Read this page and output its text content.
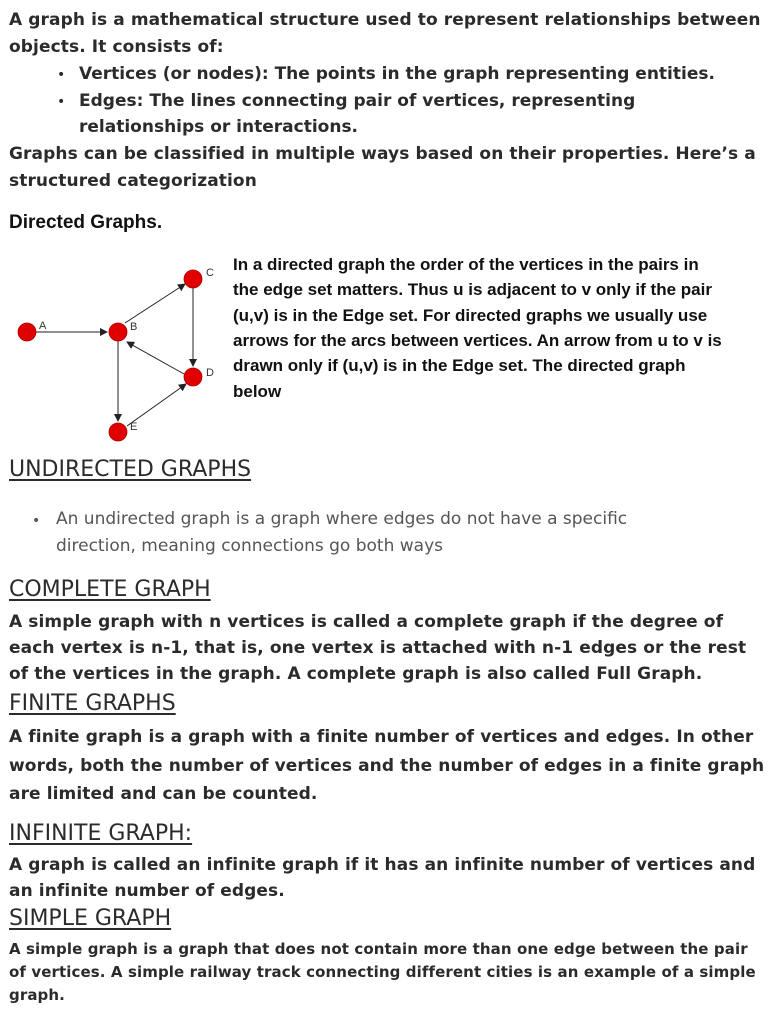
A graph is a mathematical structure used to represent relationships between

objects. It consists of:

• Vertices (or nodes): The points in the graph representing entities.

• Edges: The lines connecting pair of vertices, representing

relationships or interactions.

Graphs can be classified in multiple ways based on their properties. Here’s a

structured categorization

Directed Graphs.

A	B
C
D
E

In a directed graph the order of the vertices in the pairs in

the edge set matters. Thus u is adjacent to v only if the pair

(u,v) is in the Edge set. For directed graphs we usually use

arrows for the arcs between vertices. An arrow from u to v is

drawn only if (u,v) is in the Edge set. The directed graph

below

UNDIRECTED GRAPHS

• An undirected graph is a graph where edges do not have a specific

direction, meaning connections go both ways

COMPLETE GRAPH

A simple graph with n vertices is called a complete graph if the degree of

each vertex is n-1, that is, one vertex is attached with n-1 edges or the rest

of the vertices in the graph. A complete graph is also called Full Graph.

FINITE GRAPHS

A finite graph is a graph with a finite number of vertices and edges. In other

words, both the number of vertices and the number of edges in a finite graph

are limited and can be counted.

INFINITE GRAPH:

A graph is called an infinite graph if it has an infinite number of vertices and

an infinite number of edges.

SIMPLE GRAPH

A simple graph is a graph that does not contain more than one edge between the pair

of vertices. A simple railway track connecting different cities is an example of a simple

graph.
